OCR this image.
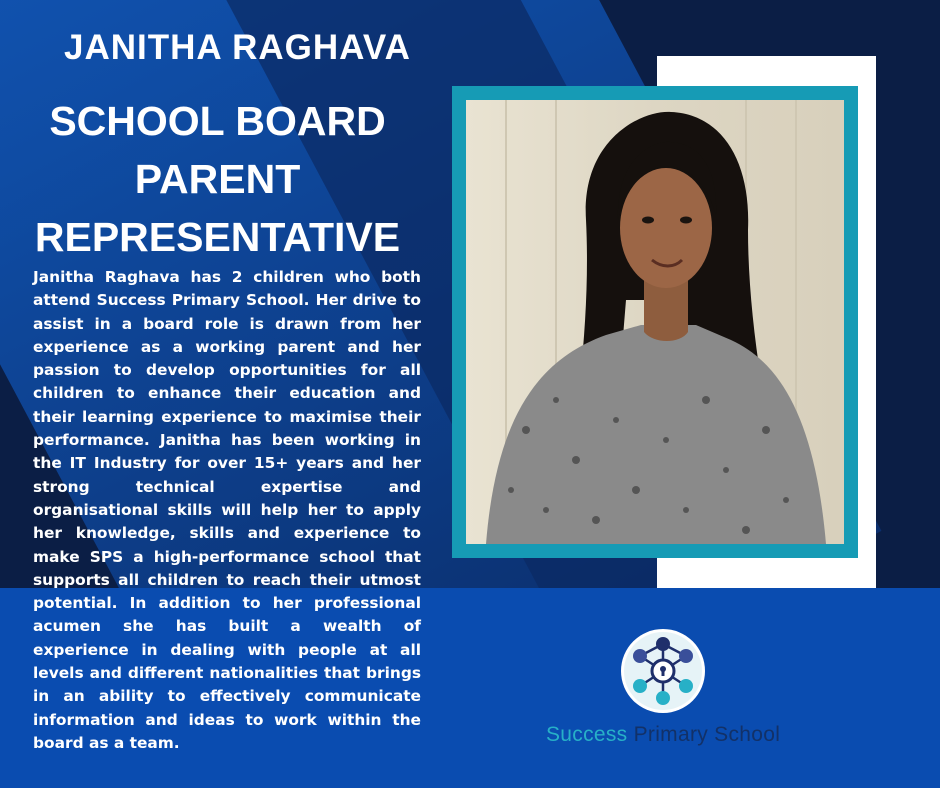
JANITHA RAGHAVA
SCHOOL BOARD
PARENT
REPRESENTATIVE

Janitha Raghava has 2 children who both attend Success Primary School. Her drive to assist in a board role is drawn from her experience as a working parent and her passion to develop opportunities for all children to enhance their education and their learning experience to maximise their performance. Janitha has been working in the IT Industry for over 15+ years and her strong technical expertise and organisational skills will help her to apply her knowledge, skills and experience to make SPS a high-performance school that supports all children to reach their utmost potential. In addition to her professional acumen she has built a wealth of experience in dealing with people at all levels and different nationalities that brings in an ability to effectively communicate information and ideas to work within the board as a team.	Success Primary School
